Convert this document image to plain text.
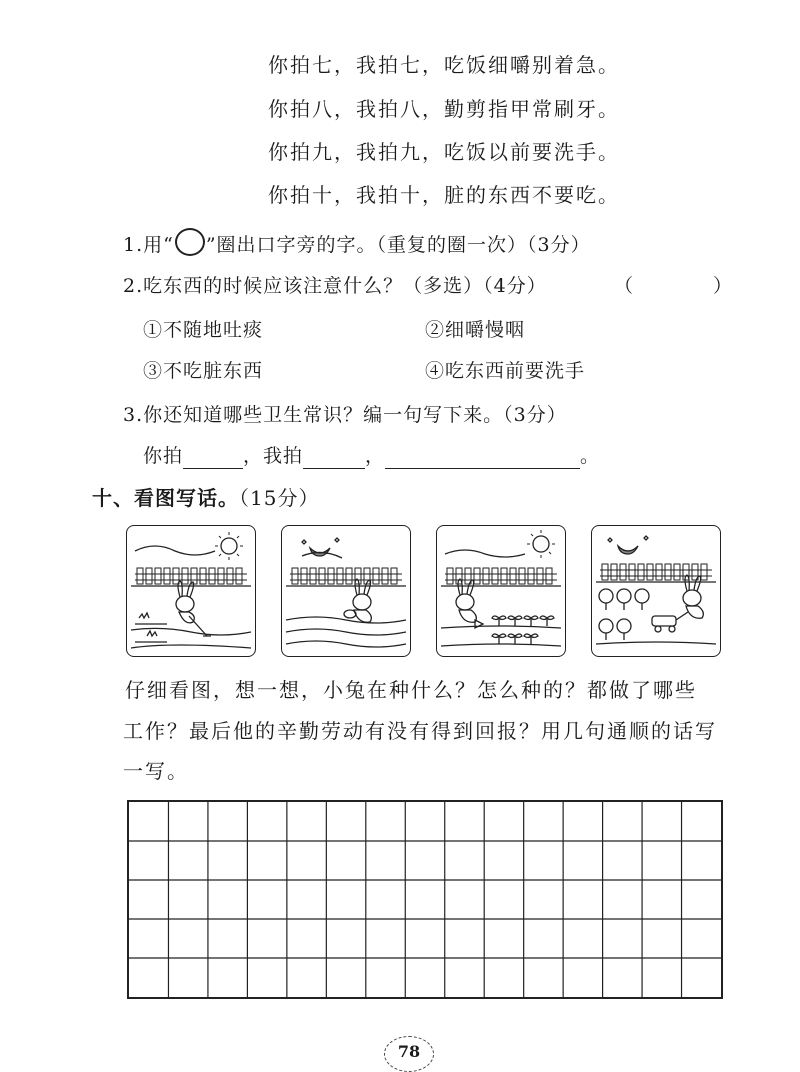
你拍七，我拍七，吃饭细嚼别着急。
你拍八，我拍八，勤剪指甲常刷牙。
你拍九，我拍九，吃饭以前要洗手。
你拍十，我拍十，脏的东西不要吃。
1.用“ ”圈出口字旁的字。（重复的圈一次）（3分）
2.吃东西的时候应该注意什么？（多选）（4分）	（	）
①不随地吐痰	②细嚼慢咽
③不吃脏东西	④吃东西前要洗手
3.你还知道哪些卫生常识？编一句写下来。（3分）
你拍	，我拍	，	。
十、看图写话。（15分）
仔细看图，想一想，小兔在种什么？怎么种的？都做了哪些
工作？最后他的辛勤劳动有没有得到回报？用几句通顺的话写
一写。
78
